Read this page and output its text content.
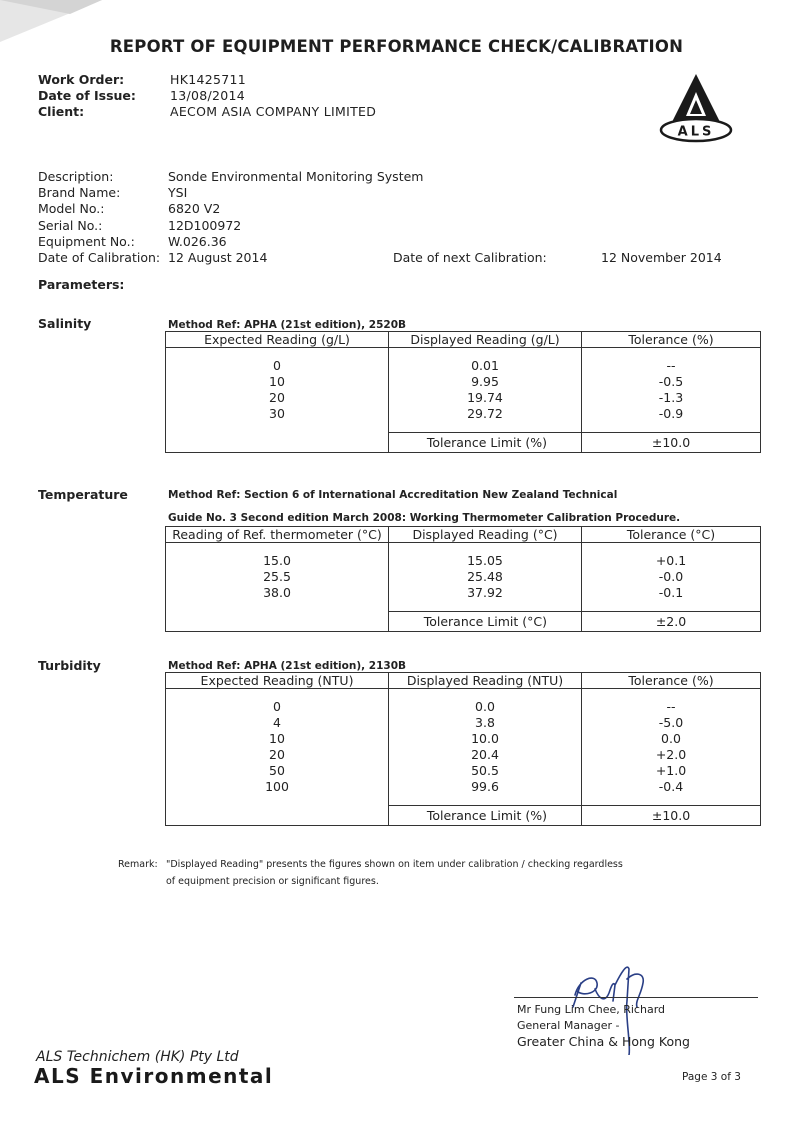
REPORT OF EQUIPMENT PERFORMANCE CHECK/CALIBRATION
Work Order:	HK1425711
Date of Issue:	13/08/2014
Client:	AECOM ASIA COMPANY LIMITED
ALS
Description:	Sonde Environmental Monitoring System
Brand Name:	YSI
Model No.:	6820 V2
Serial No.:	12D100972
Equipment No.:	W.026.36
Date of Calibration: 12 August 2014	Date of next Calibration:	12 November 2014
Parameters:
Salinity	Method Ref: APHA (21st edition), 2520B
Expected Reading (g/L)	Displayed Reading (g/L)	Tolerance (%)

0	0.01	--
10	9.95	-0.5
20	19.74	-1.3
30	29.72	-0.9

	Tolerance Limit (%)	±10.0
Temperature	Method Ref: Section 6 of International Accreditation New Zealand Technical
Guide No. 3 Second edition March 2008: Working Thermometer Calibration Procedure.
Reading of Ref. thermometer (°C)	Displayed Reading (°C)	Tolerance (°C)

15.0	15.05	+0.1
25.5	25.48	-0.0
38.0	37.92	-0.1

	Tolerance Limit (°C)	±2.0
Turbidity	Method Ref: APHA (21st edition), 2130B
Expected Reading (NTU)	Displayed Reading (NTU)	Tolerance (%)

0	0.0	--
4	3.8	-5.0
10	10.0	0.0
20	20.4	+2.0
50	50.5	+1.0
100	99.6	-0.4

	Tolerance Limit (%)	±10.0
Remark: "Displayed Reading" presents the figures shown on item under calibration / checking regardless
of equipment precision or significant figures.
Mr Fung Lim Chee, Richard
General Manager -
Greater China & Hong Kong
ALS Technichem (HK) Pty Ltd
ALS Environmental	Page 3 of 3
